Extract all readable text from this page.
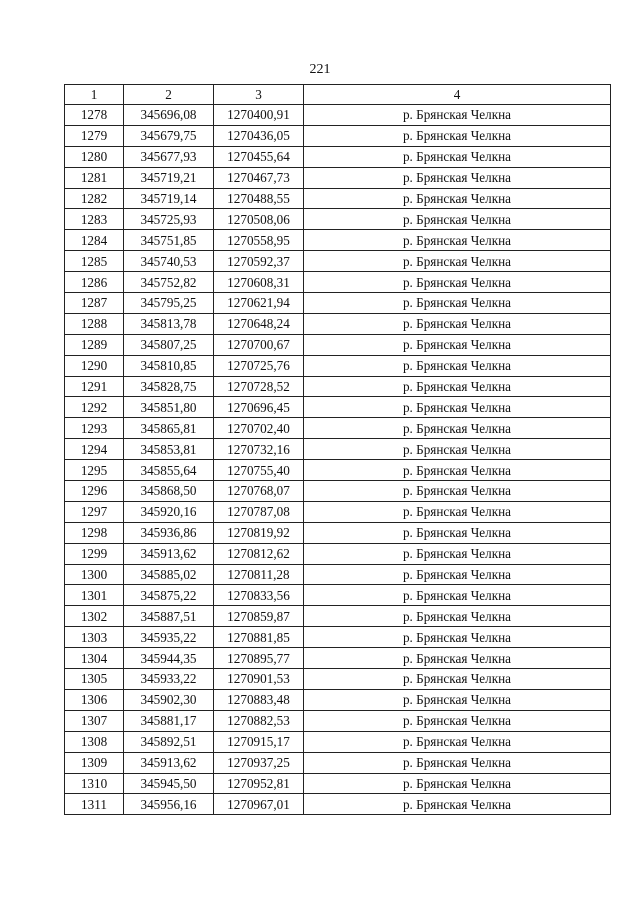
221
1	2	3	4
1278	345696,08	1270400,91	р. Брянская Челкна
1279	345679,75	1270436,05	р. Брянская Челкна
1280	345677,93	1270455,64	р. Брянская Челкна
1281	345719,21	1270467,73	р. Брянская Челкна
1282	345719,14	1270488,55	р. Брянская Челкна
1283	345725,93	1270508,06	р. Брянская Челкна
1284	345751,85	1270558,95	р. Брянская Челкна
1285	345740,53	1270592,37	р. Брянская Челкна
1286	345752,82	1270608,31	р. Брянская Челкна
1287	345795,25	1270621,94	р. Брянская Челкна
1288	345813,78	1270648,24	р. Брянская Челкна
1289	345807,25	1270700,67	р. Брянская Челкна
1290	345810,85	1270725,76	р. Брянская Челкна
1291	345828,75	1270728,52	р. Брянская Челкна
1292	345851,80	1270696,45	р. Брянская Челкна
1293	345865,81	1270702,40	р. Брянская Челкна
1294	345853,81	1270732,16	р. Брянская Челкна
1295	345855,64	1270755,40	р. Брянская Челкна
1296	345868,50	1270768,07	р. Брянская Челкна
1297	345920,16	1270787,08	р. Брянская Челкна
1298	345936,86	1270819,92	р. Брянская Челкна
1299	345913,62	1270812,62	р. Брянская Челкна
1300	345885,02	1270811,28	р. Брянская Челкна
1301	345875,22	1270833,56	р. Брянская Челкна
1302	345887,51	1270859,87	р. Брянская Челкна
1303	345935,22	1270881,85	р. Брянская Челкна
1304	345944,35	1270895,77	р. Брянская Челкна
1305	345933,22	1270901,53	р. Брянская Челкна
1306	345902,30	1270883,48	р. Брянская Челкна
1307	345881,17	1270882,53	р. Брянская Челкна
1308	345892,51	1270915,17	р. Брянская Челкна
1309	345913,62	1270937,25	р. Брянская Челкна
1310	345945,50	1270952,81	р. Брянская Челкна
1311	345956,16	1270967,01	р. Брянская Челкна
